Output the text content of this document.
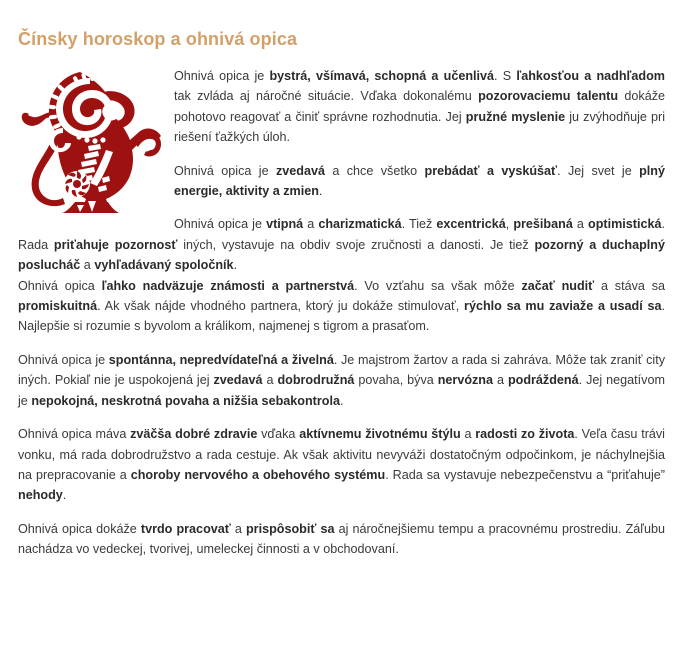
Čínsky horoskop a ohnivá opica

Ohnivá opica je bystrá, všímavá, schopná a učenlivá. S ľahkosťou a nadhľadom tak zvláda aj náročné situácie. Vďaka dokonalému pozorovaciemu talentu dokáže pohotovo reagovať a činiť správne rozhodnutia. Jej pružné myslenie ju zvýhodňuje pri riešení ťažkých úloh.

Ohnivá opica je zvedavá a chce všetko prebádať a vyskúšať. Jej svet je plný energie, aktivity a zmien.

Ohnivá opica je vtipná a charizmatická. Tiež excentrická, prešibaná a optimistická. Rada priťahuje pozornosť iných, vystavuje na obdiv svoje zručnosti a danosti. Je tiež pozorný a duchaplný poslucháč a vyhľadávaný spoločník.

Ohnivá opica ľahko nadväzuje známosti a partnerstvá. Vo vzťahu sa však môže začať nudiť a stáva sa promiskuitná. Ak však nájde vhodného partnera, ktorý ju dokáže stimulovať, rýchlo sa mu zaviaže a usadí sa. Najlepšie si rozumie s byvolom a králikom, najmenej s tigrom a prasaťom.

Ohnivá opica je spontánna, nepredvídateľná a živelná. Je majstrom žartov a rada si zahráva. Môže tak zraniť city iných. Pokiaľ nie je uspokojená jej zvedavá a dobrodružná povaha, býva nervózna a podráždená. Jej negatívom je nepokojná, neskrotná povaha a nižšia sebakontrola.

Ohnivá opica máva zväčša dobré zdravie vďaka aktívnemu životnému štýlu a radosti zo života. Veľa času trávi vonku, má rada dobrodružstvo a rada cestuje. Ak však aktivitu nevyváži dostatočným odpočinkom, je náchylnejšia na prepracovanie a choroby nervového a obehového systému. Rada sa vystavuje nebezpečenstvu a “priťahuje” nehody.

Ohnivá opica dokáže tvrdo pracovať a prispôsobiť sa aj náročnejšiemu tempu a pracovnému prostrediu. Záľubu nachádza vo vedeckej, tvorivej, umeleckej činnosti a v obchodovaní.
